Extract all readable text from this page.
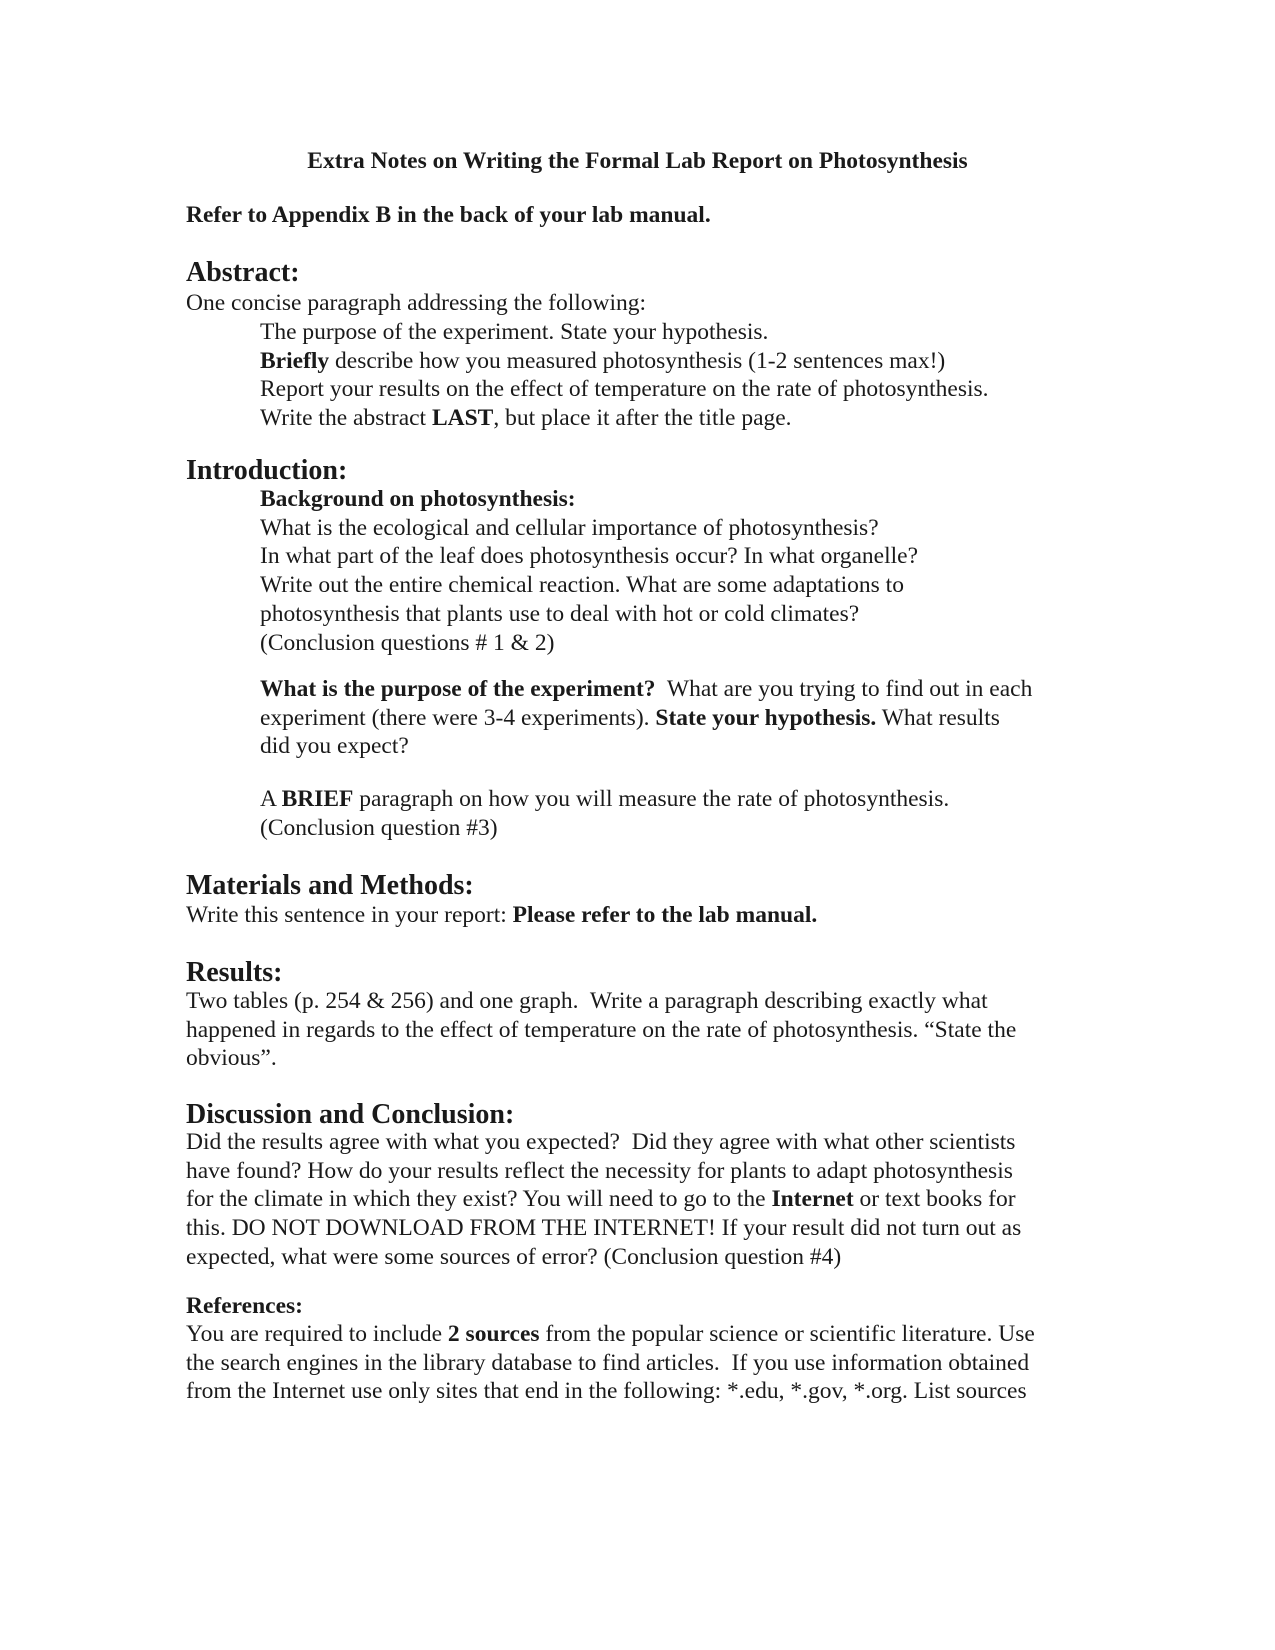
Extra Notes on Writing the Formal Lab Report on Photosynthesis
Refer to Appendix B in the back of your lab manual.
Abstract:
One concise paragraph addressing the following:
The purpose of the experiment. State your hypothesis.
Briefly describe how you measured photosynthesis (1-2 sentences max!)
Report your results on the effect of temperature on the rate of photosynthesis.
Write the abstract LAST, but place it after the title page.
Introduction:
Background on photosynthesis:
What is the ecological and cellular importance of photosynthesis?
In what part of the leaf does photosynthesis occur? In what organelle?
Write out the entire chemical reaction. What are some adaptations to
photosynthesis that plants use to deal with hot or cold climates?
(Conclusion questions # 1 & 2)
What is the purpose of the experiment?  What are you trying to find out in each
experiment (there were 3-4 experiments). State your hypothesis. What results
did you expect?
A BRIEF paragraph on how you will measure the rate of photosynthesis.
(Conclusion question #3)
Materials and Methods:
Write this sentence in your report: Please refer to the lab manual.
Results:
Two tables (p. 254 & 256) and one graph.  Write a paragraph describing exactly what
happened in regards to the effect of temperature on the rate of photosynthesis. “State the
obvious”.
Discussion and Conclusion:
Did the results agree with what you expected?  Did they agree with what other scientists
have found? How do your results reflect the necessity for plants to adapt photosynthesis
for the climate in which they exist? You will need to go to the Internet or text books for
this. DO NOT DOWNLOAD FROM THE INTERNET! If your result did not turn out as
expected, what were some sources of error? (Conclusion question #4)
References:
You are required to include 2 sources from the popular science or scientific literature. Use
the search engines in the library database to find articles.  If you use information obtained
from the Internet use only sites that end in the following: *.edu, *.gov, *.org. List sources
